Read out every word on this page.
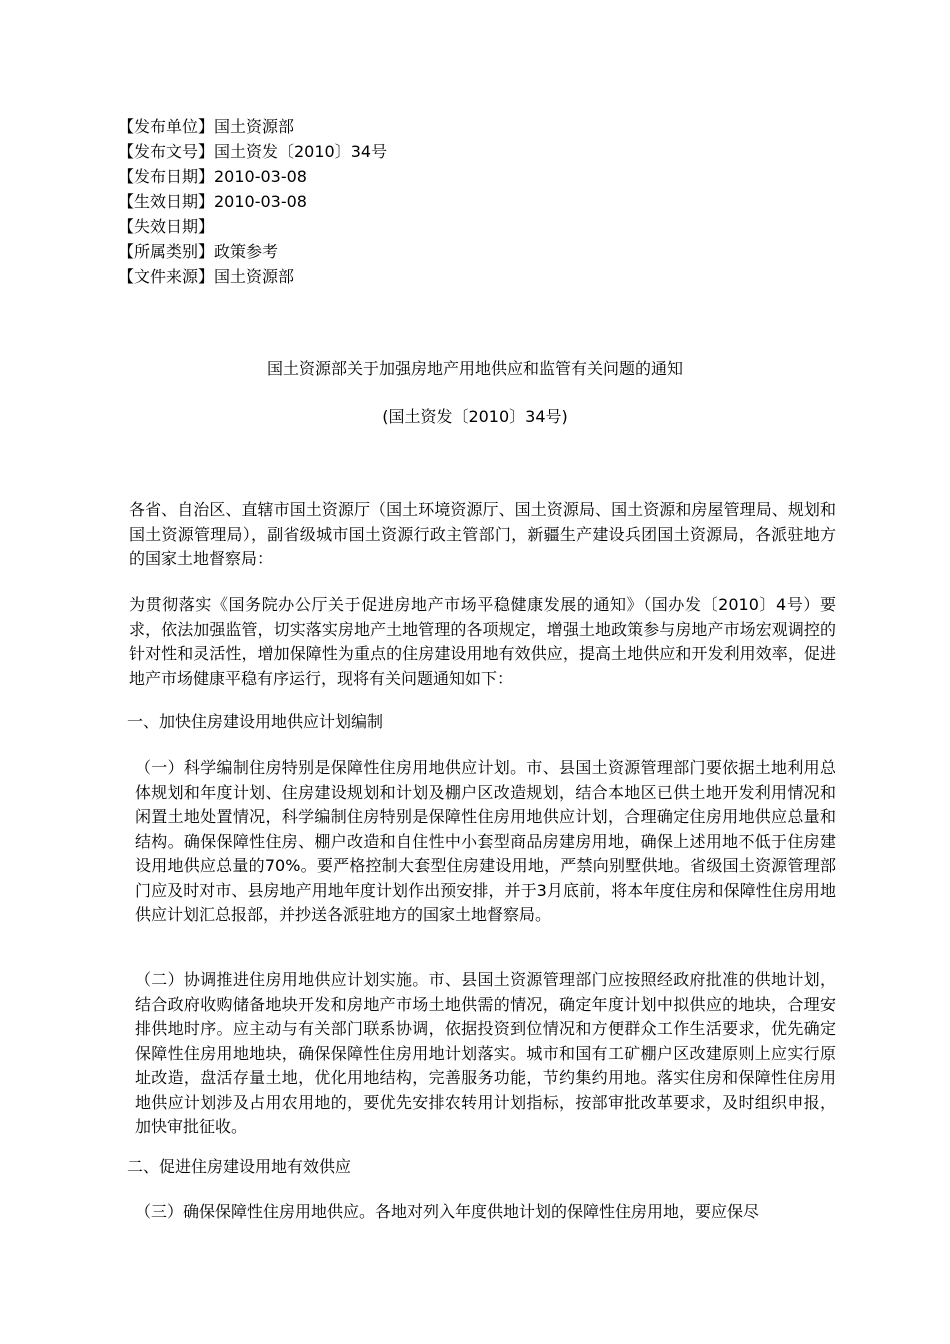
【发布单位】国土资源部
【发布文号】国土资发〔2010〕34号
【发布日期】2010-03-08
【生效日期】2010-03-08
【失效日期】
【所属类别】政策参考
【文件来源】国土资源部
国土资源部关于加强房地产用地供应和监管有关问题的通知
(国土资发〔2010〕34号)

各省、自治区、直辖市国土资源厅（国土环境资源厅、国土资源局、国土资源和房屋管理局、规划和国土资源管理局），副省级城市国土资源行政主管部门，新疆生产建设兵团国土资源局，各派驻地方的国家土地督察局：

为贯彻落实《国务院办公厅关于促进房地产市场平稳健康发展的通知》（国办发〔2010〕4号）要求，依法加强监管，切实落实房地产土地管理的各项规定，增强土地政策参与房地产市场宏观调控的针对性和灵活性，增加保障性为重点的住房建设用地有效供应，提高土地供应和开发利用效率，促进地产市场健康平稳有序运行，现将有关问题通知如下：

一、加快住房建设用地供应计划编制

（一）科学编制住房特别是保障性住房用地供应计划。市、县国土资源管理部门要依据土地利用总体规划和年度计划、住房建设规划和计划及棚户区改造规划，结合本地区已供土地开发利用情况和闲置土地处置情况，科学编制住房特别是保障性住房用地供应计划，合理确定住房用地供应总量和结构。确保保障性住房、棚户改造和自住性中小套型商品房建房用地，确保上述用地不低于住房建设用地供应总量的70%。要严格控制大套型住房建设用地，严禁向别墅供地。省级国土资源管理部门应及时对市、县房地产用地年度计划作出预安排，并于3月底前，将本年度住房和保障性住房用地供应计划汇总报部，并抄送各派驻地方的国家土地督察局。

（二）协调推进住房用地供应计划实施。市、县国土资源管理部门应按照经政府批准的供地计划，结合政府收购储备地块开发和房地产市场土地供需的情况，确定年度计划中拟供应的地块，合理安排供地时序。应主动与有关部门联系协调，依据投资到位情况和方便群众工作生活要求，优先确定保障性住房用地地块，确保保障性住房用地计划落实。城市和国有工矿棚户区改建原则上应实行原址改造，盘活存量土地，优化用地结构，完善服务功能，节约集约用地。落实住房和保障性住房用地供应计划涉及占用农用地的，要优先安排农转用计划指标，按部审批改革要求，及时组织申报，加快审批征收。

二、促进住房建设用地有效供应

（三）确保保障性住房用地供应。各地对列入年度供地计划的保障性住房用地，要应保尽
